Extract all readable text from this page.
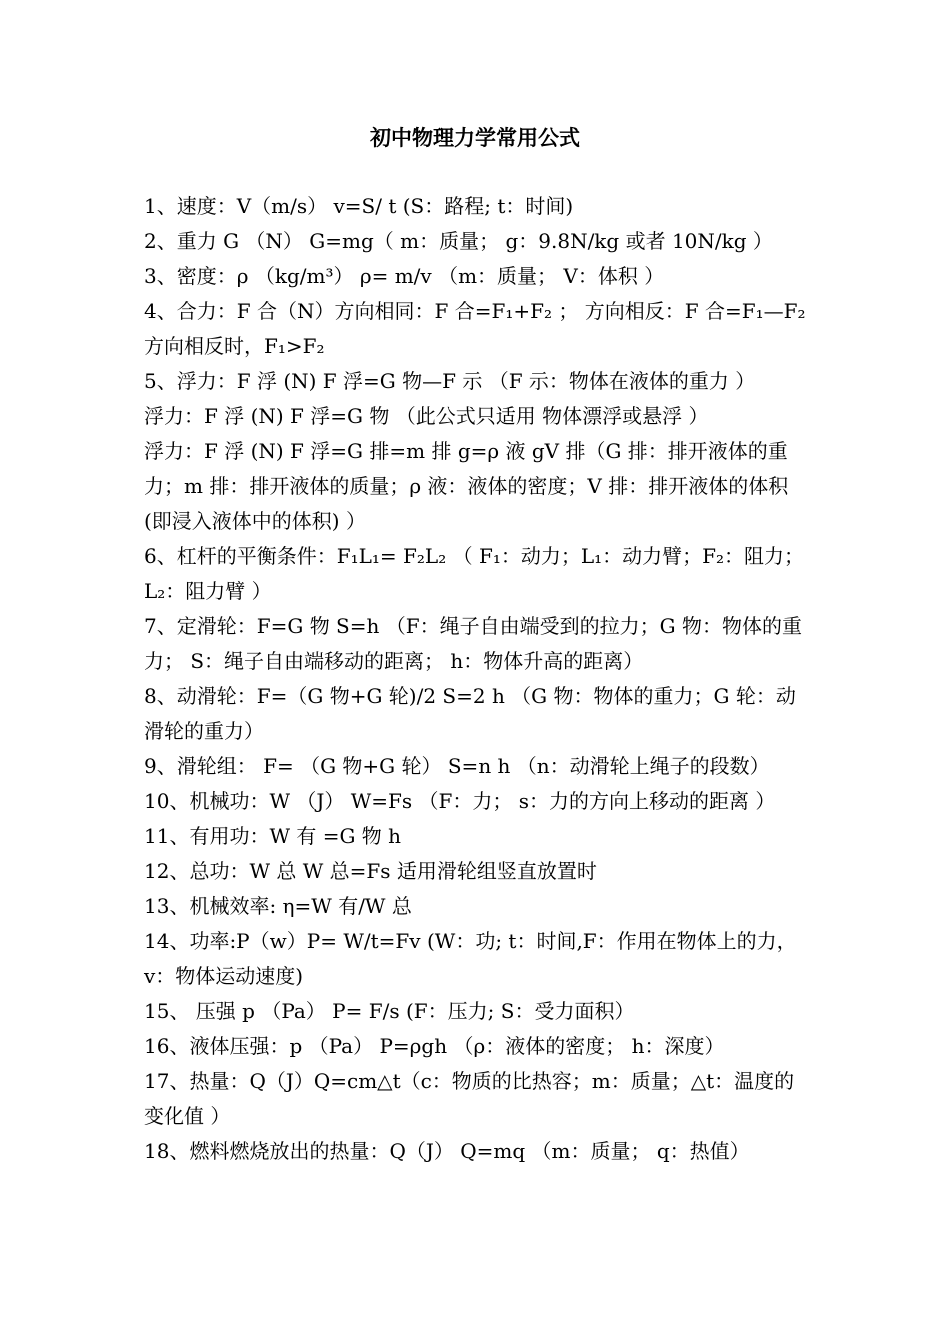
初中物理力学常用公式

1、速度：V（m/s） v=S/ t (S：路程; t：时间)

2、重力 G （N） G=mg（ m：质量； g：9.8N/kg 或者 10N/kg ）

3、密度：ρ （kg/m³） ρ= m/v （m：质量； V：体积 ）

4、合力：F 合（N）方向相同：F 合=F₁+F₂ ； 方向相反：F 合=F₁—F₂ 方向相反时，F₁>F₂

5、浮力：F 浮 (N) F 浮=G 物—F 示 （F 示：物体在液体的重力 ）

浮力：F 浮 (N) F 浮=G 物 （此公式只适用 物体漂浮或悬浮 ）

浮力：F 浮 (N) F 浮=G 排=m 排 g=ρ 液 gV 排（G 排：排开液体的重力；m 排：排开液体的质量；ρ 液：液体的密度；V 排：排开液体的体积 (即浸入液体中的体积) ）

6、杠杆的平衡条件：F₁L₁= F₂L₂ （ F₁：动力；L₁：动力臂；F₂：阻力；L₂：阻力臂 ）

7、定滑轮：F=G 物 S=h （F：绳子自由端受到的拉力；G 物：物体的重力； S：绳子自由端移动的距离； h：物体升高的距离）

8、动滑轮：F=（G 物+G 轮)/2 S=2 h （G 物：物体的重力；G 轮：动滑轮的重力）

9、滑轮组： F= （G 物+G 轮） S=n h （n：动滑轮上绳子的段数）

10、机械功：W （J） W=Fs （F：力； s：力的方向上移动的距离 ）

11、有用功：W 有 =G 物 h

12、总功：W 总 W 总=Fs 适用滑轮组竖直放置时

13、机械效率: η=W 有/W 总

14、功率:P（w）P= W/t=Fv (W：功; t：时间,F：作用在物体上的力，v：物体运动速度)

15、 压强 p （Pa） P= F/s (F：压力; S：受力面积）

16、液体压强：p （Pa） P=ρgh （ρ：液体的密度； h：深度）

17、热量：Q（J）Q=cm△t（c：物质的比热容；m：质量；△t：温度的变化值 ）

18、燃料燃烧放出的热量：Q（J） Q=mq （m：质量； q：热值）
